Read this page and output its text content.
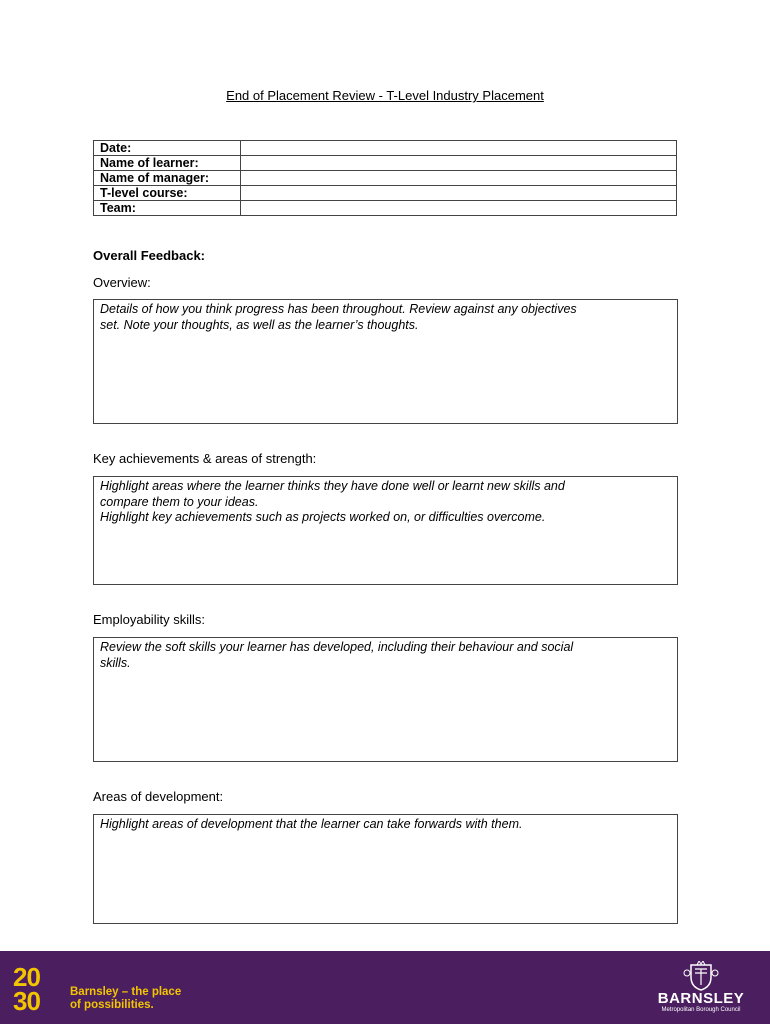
End of Placement Review - T-Level Industry Placement
Date:	
Name of learner:	
Name of manager:	
T-level course:	
Team:	
Overall Feedback:
Overview:
Details of how you think progress has been throughout. Review against any objectives
set. Note your thoughts, as well as the learner’s thoughts.
Key achievements & areas of strength:
Highlight areas where the learner thinks they have done well or learnt new skills and
compare them to your ideas.
Highlight key achievements such as projects worked on, or difficulties overcome.
Employability skills:
Review the soft skills your learner has developed, including their behaviour and social
skills.
Areas of development:
Highlight areas of development that the learner can take forwards with them.
20
30	Barnsley – the place
of possibilities.	BARNSLEY
Metropolitan Borough Council
